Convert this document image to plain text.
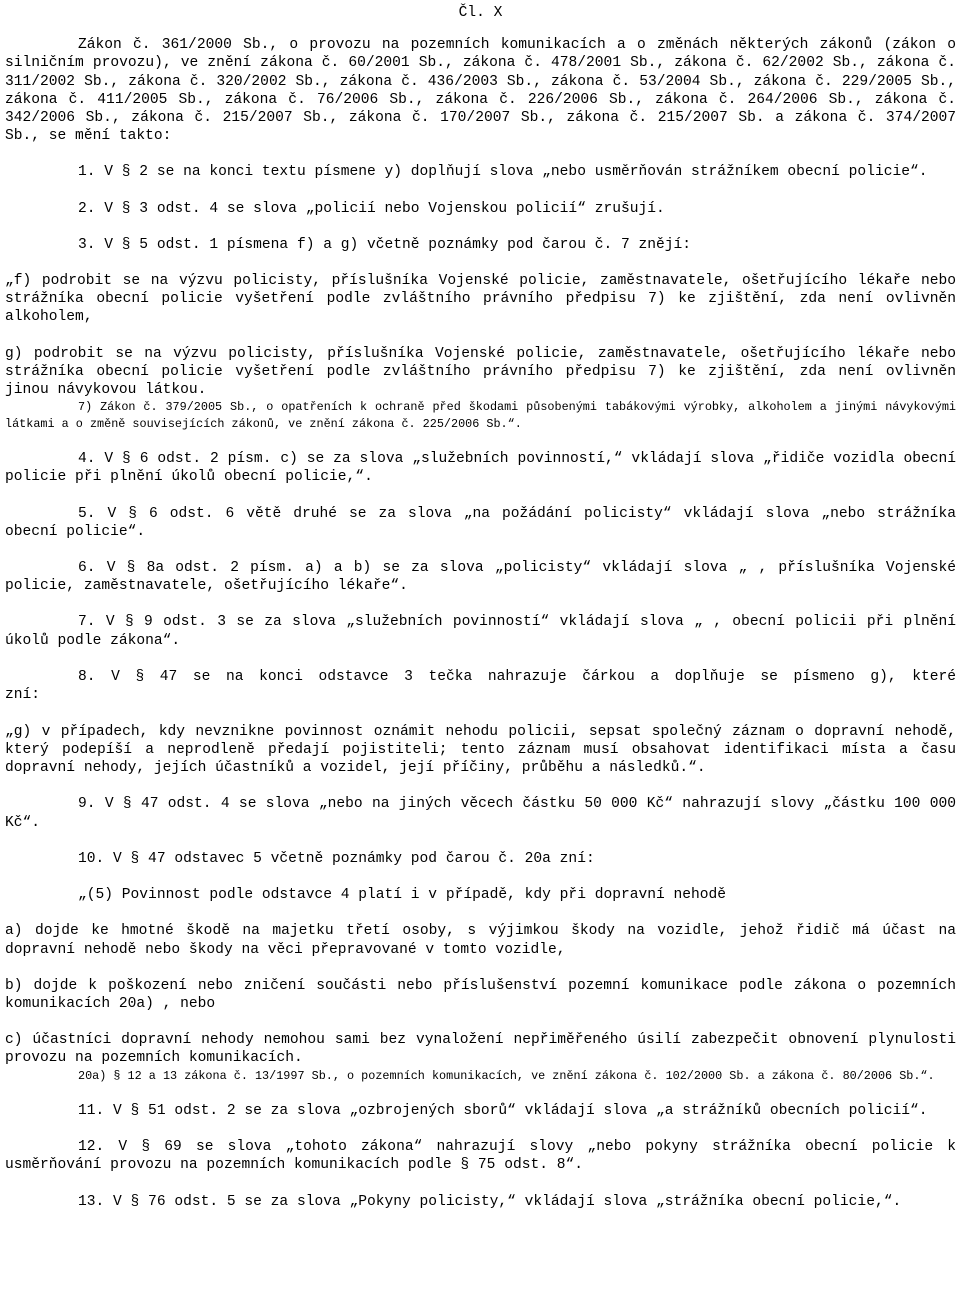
Čl. X

Zákon č. 361/2000 Sb., o provozu na pozemních komunikacích a o změnách některých zákonů (zákon o silničním provozu), ve znění zákona č. 60/2001 Sb., zákona č. 478/2001 Sb., zákona č. 62/2002 Sb., zákona č. 311/2002 Sb., zákona č. 320/2002 Sb., zákona č. 436/2003 Sb., zákona č. 53/2004 Sb., zákona č. 229/2005 Sb., zákona č. 411/2005 Sb., zákona č. 76/2006 Sb., zákona č. 226/2006 Sb., zákona č. 264/2006 Sb., zákona č. 342/2006 Sb., zákona č. 215/2007 Sb., zákona č. 170/2007 Sb., zákona č. 215/2007 Sb. a zákona č. 374/2007 Sb., se mění takto:

1. V § 2 se na konci textu písmene y) doplňují slova „nebo usměrňován strážníkem obecní policie“.

2. V § 3 odst. 4 se slova „policií nebo Vojenskou policií“ zrušují.

3. V § 5 odst. 1 písmena f) a g) včetně poznámky pod čarou č. 7 znějí:

„f) podrobit se na výzvu policisty, příslušníka Vojenské policie, zaměstnavatele, ošetřujícího lékaře nebo strážníka obecní policie vyšetření podle zvláštního právního předpisu 7) ke zjištění, zda není ovlivněn alkoholem,

g) podrobit se na výzvu policisty, příslušníka Vojenské policie, zaměstnavatele, ošetřujícího lékaře nebo strážníka obecní policie vyšetření podle zvláštního právního předpisu 7) ke zjištění, zda není ovlivněn jinou návykovou látkou.

7) Zákon č. 379/2005 Sb., o opatřeních k ochraně před škodami působenými tabákovými výrobky, alkoholem a jinými návykovými látkami a o změně souvisejících zákonů, ve znění zákona č. 225/2006 Sb.“.

4. V § 6 odst. 2 písm. c) se za slova „služebních povinností,“ vkládají slova „řidiče vozidla obecní policie při plnění úkolů obecní policie,“.

5. V § 6 odst. 6 větě druhé se za slova „na požádání policisty“ vkládají slova „nebo strážníka obecní policie“.

6. V § 8a odst. 2 písm. a) a b) se za slova „policisty“ vkládají slova „ , příslušníka Vojenské policie, zaměstnavatele, ošetřujícího lékaře“.

7. V § 9 odst. 3 se za slova „služebních povinností“ vkládají slova „ , obecní policii při plnění úkolů podle zákona“.

8. V § 47 se na konci odstavce 3 tečka nahrazuje čárkou a doplňuje se písmeno g), které
zní:

„g) v případech, kdy nevznikne povinnost oznámit nehodu policii, sepsat společný záznam o dopravní nehodě, který podepíší a neprodleně předají pojistiteli; tento záznam musí obsahovat identifikaci místa a času dopravní nehody, jejích účastníků a vozidel, její příčiny, průběhu a následků.“.

9. V § 47 odst. 4 se slova „nebo na jiných věcech částku 50 000 Kč“ nahrazují slovy „částku 100 000 Kč“.

10. V § 47 odstavec 5 včetně poznámky pod čarou č. 20a zní:

„(5) Povinnost podle odstavce 4 platí i v případě, kdy při dopravní nehodě

a) dojde ke hmotné škodě na majetku třetí osoby, s výjimkou škody na vozidle, jehož řidič má účast na dopravní nehodě nebo škody na věci přepravované v tomto vozidle,

b) dojde k poškození nebo zničení součásti nebo příslušenství pozemní komunikace podle zákona o pozemních komunikacích 20a) , nebo

c) účastníci dopravní nehody nemohou sami bez vynaložení nepřiměřeného úsilí zabezpečit obnovení plynulosti provozu na pozemních komunikacích.

20a) § 12 a 13 zákona č. 13/1997 Sb., o pozemních komunikacích, ve znění zákona č. 102/2000 Sb. a zákona č. 80/2006 Sb.“.

11. V § 51 odst. 2 se za slova „ozbrojených sborů“ vkládají slova „a strážníků obecních policií“.

12. V § 69 se slova „tohoto zákona“ nahrazují slovy „nebo pokyny strážníka obecní policie k usměrňování provozu na pozemních komunikacích podle § 75 odst. 8“.

13. V § 76 odst. 5 se za slova „Pokyny policisty,“ vkládají slova „strážníka obecní policie,“.
